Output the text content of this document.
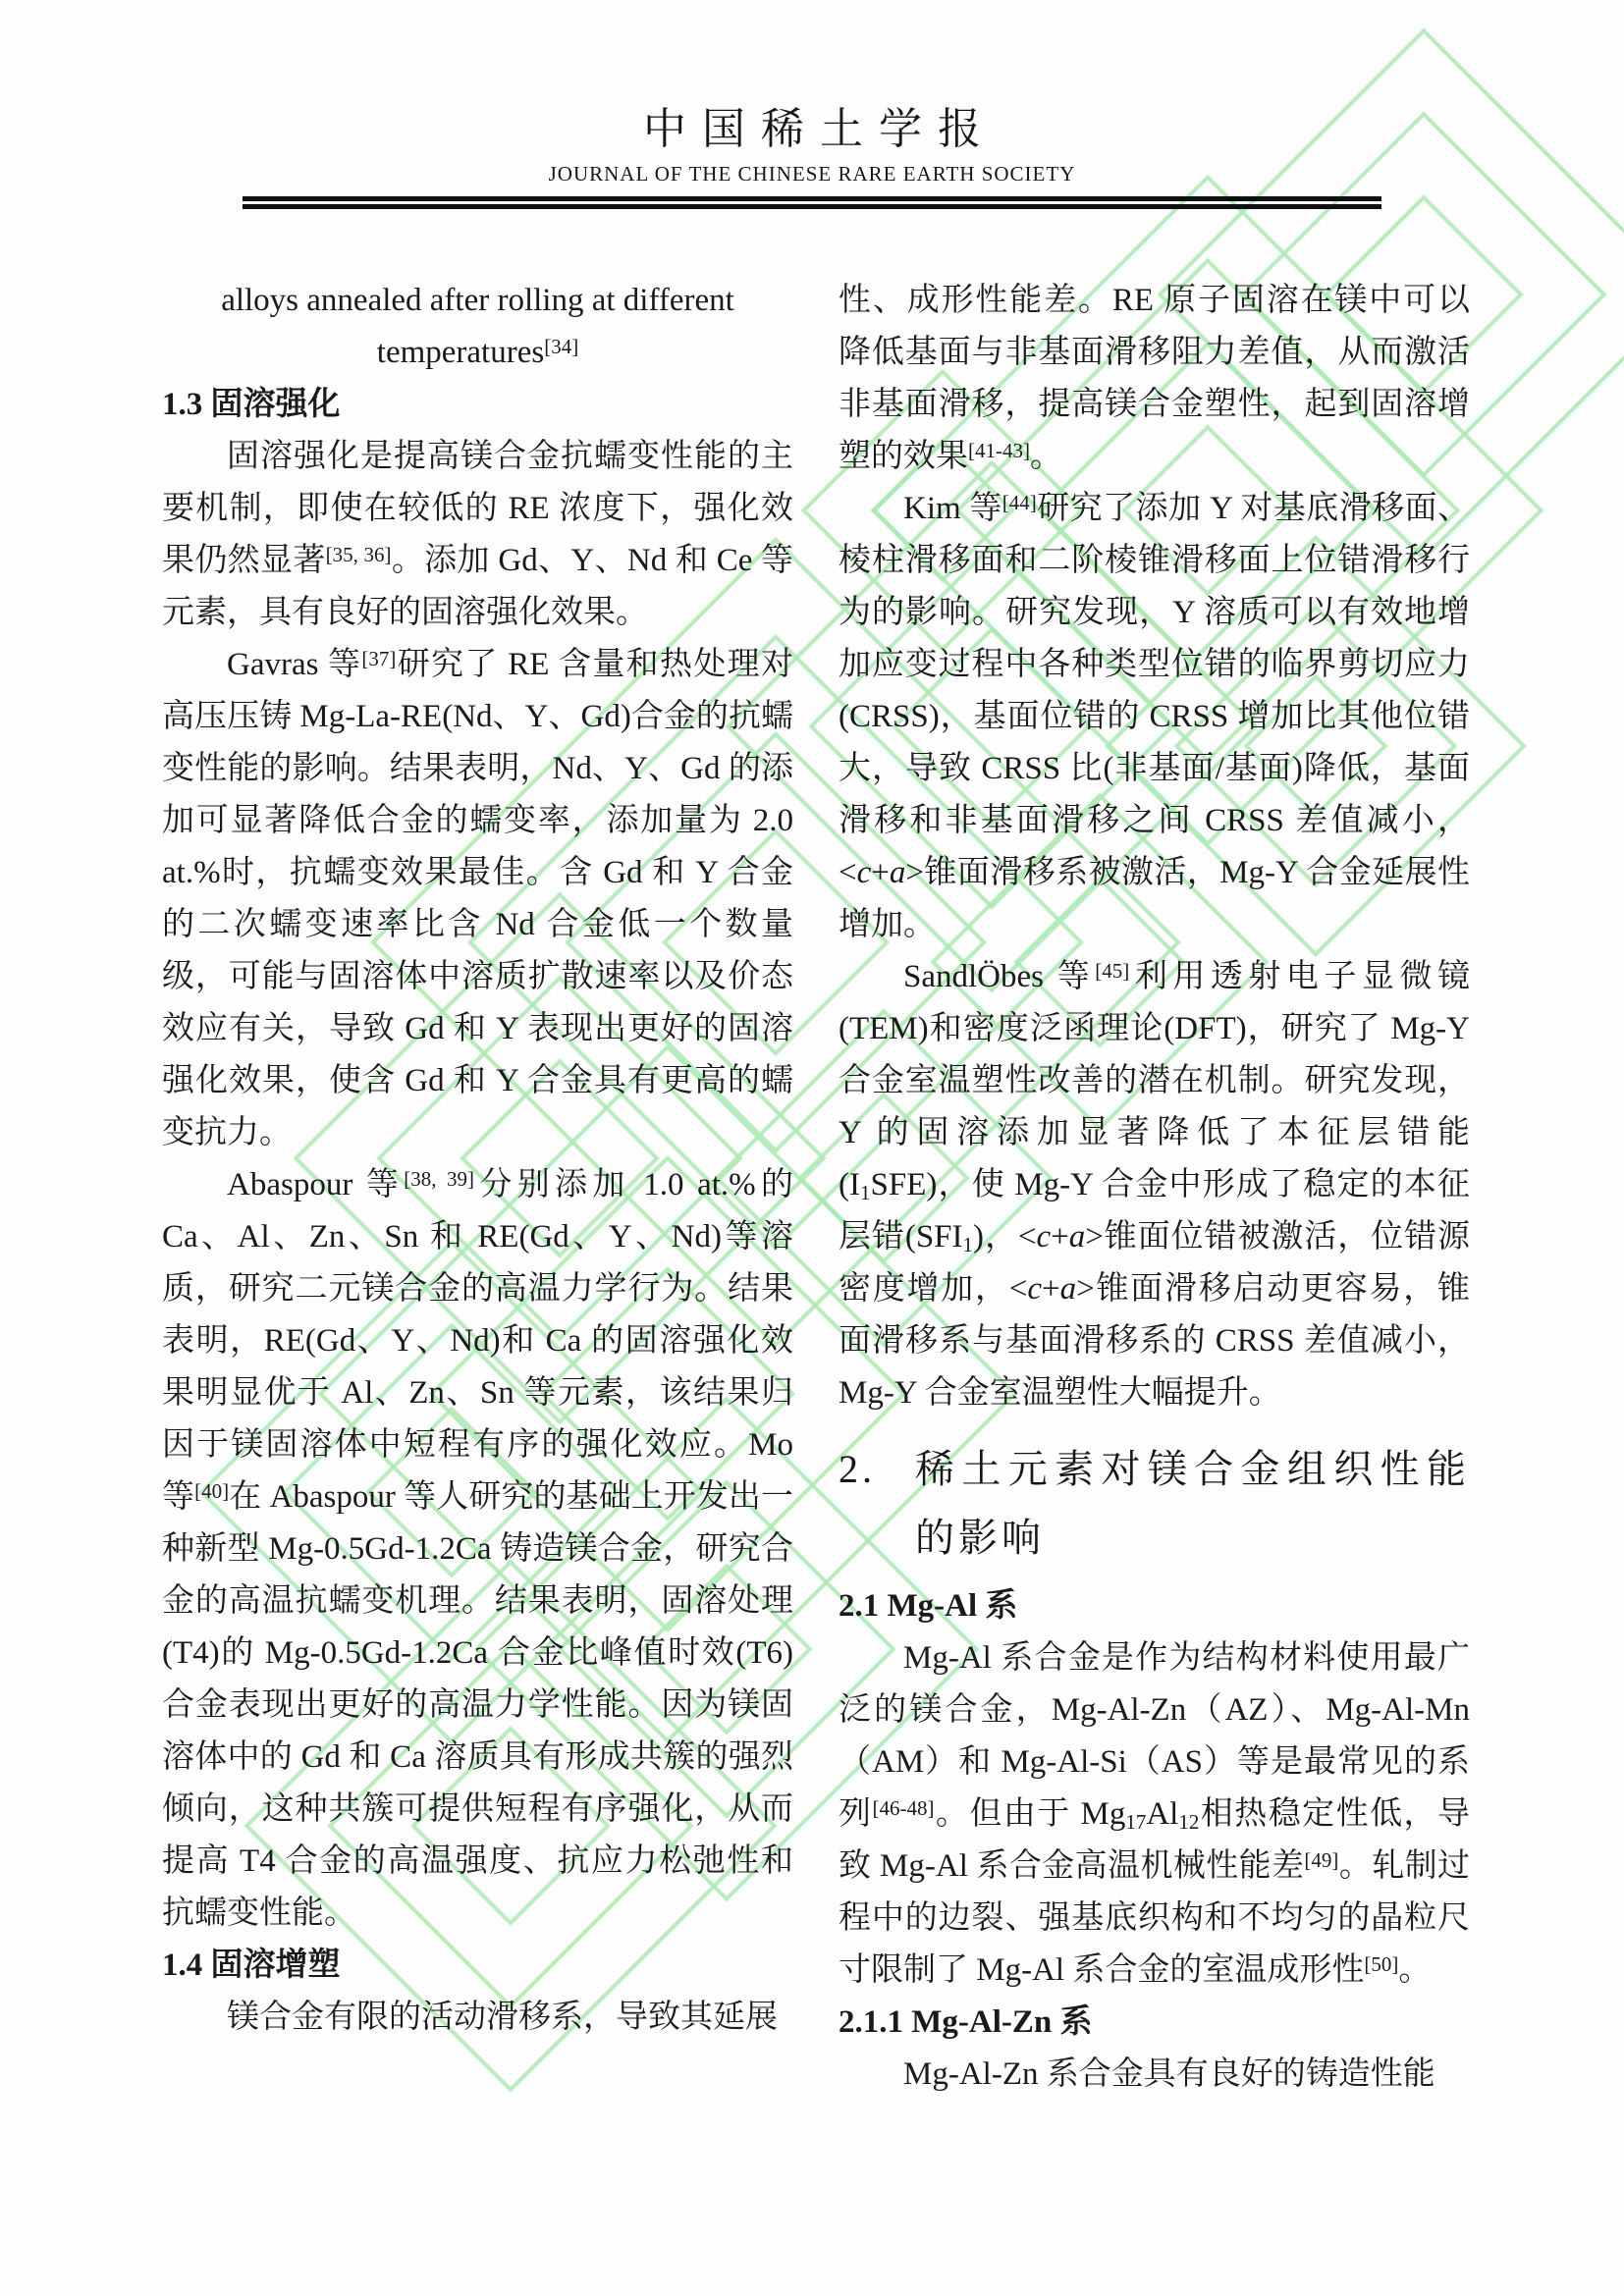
中国稀土学报
JOURNAL OF THE CHINESE RARE EARTH SOCIETY
alloys annealed after rolling at different
temperatures[34]
1.3 固溶强化

固溶强化是提高镁合金抗蠕变性能的主要机制，即使在较低的 RE 浓度下，强化效果仍然显著[35, 36]。添加 Gd、Y、Nd 和 Ce 等元素，具有良好的固溶强化效果。

Gavras 等[37]研究了 RE 含量和热处理对高压压铸 Mg-La-RE(Nd、Y、Gd)合金的抗蠕变性能的影响。结果表明，Nd、Y、Gd 的添加可显著降低合金的蠕变率，添加量为 2.0 at.%时，抗蠕变效果最佳。含 Gd 和 Y 合金的二次蠕变速率比含 Nd 合金低一个数量级，可能与固溶体中溶质扩散速率以及价态效应有关，导致 Gd 和 Y 表现出更好的固溶强化效果，使含 Gd 和 Y 合金具有更高的蠕变抗力。

Abaspour 等[38, 39]分别添加 1.0 at.%的 Ca、Al、Zn、Sn 和 RE(Gd、Y、Nd)等溶质，研究二元镁合金的高温力学行为。结果表明，RE(Gd、Y、Nd)和 Ca 的固溶强化效果明显优于 Al、Zn、Sn 等元素，该结果归因于镁固溶体中短程有序的强化效应。Mo 等[40]在 Abaspour 等人研究的基础上开发出一种新型 Mg-0.5Gd-1.2Ca 铸造镁合金，研究合金的高温抗蠕变机理。结果表明，固溶处理(T4)的 Mg-0.5Gd-1.2Ca 合金比峰值时效(T6)合金表现出更好的高温力学性能。因为镁固溶体中的 Gd 和 Ca 溶质具有形成共簇的强烈倾向，这种共簇可提供短程有序强化，从而提高 T4 合金的高温强度、抗应力松弛性和抗蠕变性能。

1.4 固溶增塑

镁合金有限的活动滑移系，导致其延展

性、成形性能差。RE 原子固溶在镁中可以降低基面与非基面滑移阻力差值，从而激活非基面滑移，提高镁合金塑性，起到固溶增塑的效果[41-43]。

Kim 等[44]研究了添加 Y 对基底滑移面、棱柱滑移面和二阶棱锥滑移面上位错滑移行为的影响。研究发现，Y 溶质可以有效地增加应变过程中各种类型位错的临界剪切应力(CRSS)，基面位错的 CRSS 增加比其他位错大，导致 CRSS 比(非基面/基面)降低，基面滑移和非基面滑移之间 CRSS 差值减小，<c+a>锥面滑移系被激活，Mg-Y 合金延展性增加。

SandlÖbes 等[45]利用透射电子显微镜(TEM)和密度泛函理论(DFT)，研究了 Mg-Y 合金室温塑性改善的潜在机制。研究发现，Y 的固溶添加显著降低了本征层错能$(I_1SFE)$，使 Mg-Y 合金中形成了稳定的本征层错$(SFI_1)$，<c+a>锥面位错被激活，位错源密度增加，<c+a>锥面滑移启动更容易，锥面滑移系与基面滑移系的 CRSS 差值减小，Mg-Y 合金室温塑性大幅提升。

2.	稀土元素对镁合金组织性能的影响
2.1 Mg-Al 系

Mg-Al 系合金是作为结构材料使用最广泛的镁合金，Mg-Al-Zn（AZ）、Mg-Al-Mn（AM）和 Mg-Al-Si（AS）等是最常见的系列[46-48]。但由于 $Mg_{17}Al_{12}$相热稳定性低，导致 Mg-Al 系合金高温机械性能差[49]。轧制过程中的边裂、强基底织构和不均匀的晶粒尺寸限制了 Mg-Al 系合金的室温成形性[50]。

2.1.1 Mg-Al-Zn 系

Mg-Al-Zn 系合金具有良好的铸造性能
